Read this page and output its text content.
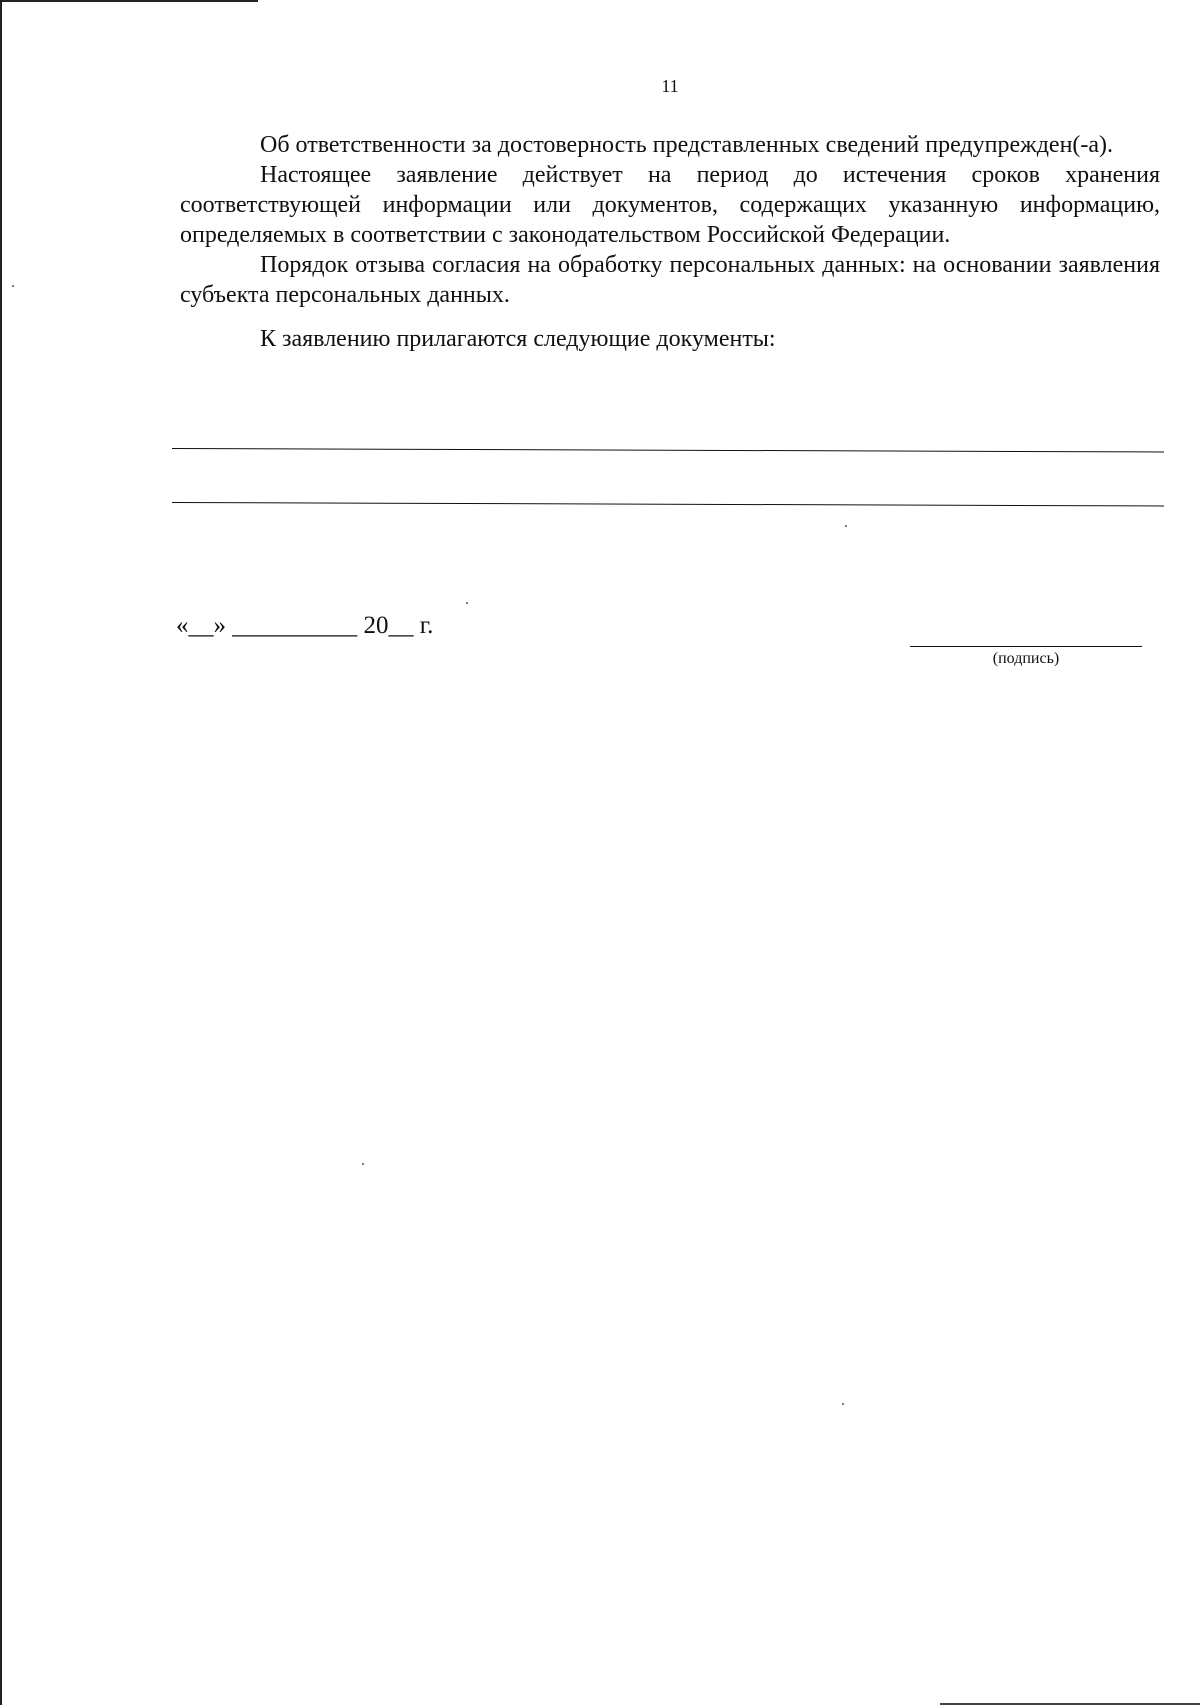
11

Об ответственности за достоверность представленных сведений предупрежден(-а).

Настоящее заявление действует на период до истечения сроков хранения соответствующей информации или документов, содержащих указанную информацию, определяемых в соответствии с законодательством Российской Федерации.

Порядок отзыва согласия на обработку персональных данных: на основании заявления субъекта персональных данных.

К заявлению прилагаются следующие документы:

«__» __________ 20__ г.
(подпись)
